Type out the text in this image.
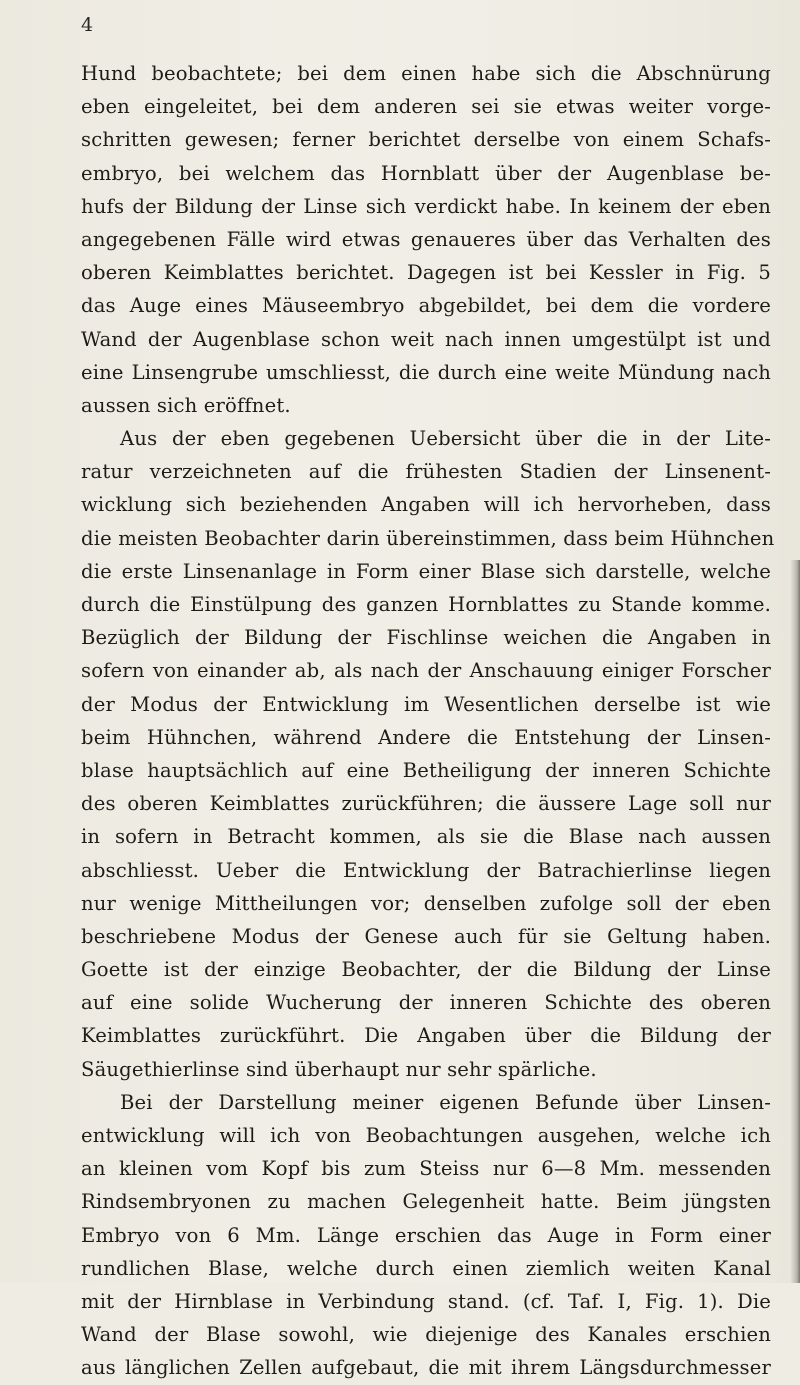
4
Hund beobachtete; bei dem einen habe sich die Abschnürung
eben eingeleitet, bei dem anderen sei sie etwas weiter vorge-
schritten gewesen; ferner berichtet derselbe von einem Schafs-
embryo, bei welchem das Hornblatt über der Augenblase be-
hufs der Bildung der Linse sich verdickt habe. In keinem der eben
angegebenen Fälle wird etwas genaueres über das Verhalten des
oberen Keimblattes berichtet. Dagegen ist bei Kessler in Fig. 5
das Auge eines Mäuseembryo abgebildet, bei dem die vordere
Wand der Augenblase schon weit nach innen umgestülpt ist und
eine Linsengrube umschliesst, die durch eine weite Mündung nach
aussen sich eröffnet.
Aus der eben gegebenen Uebersicht über die in der Lite-
ratur verzeichneten auf die frühesten Stadien der Linsenent-
wicklung sich beziehenden Angaben will ich hervorheben, dass
die meisten Beobachter darin übereinstimmen, dass beim Hühnchen
die erste Linsenanlage in Form einer Blase sich darstelle, welche
durch die Einstülpung des ganzen Hornblattes zu Stande komme.
Bezüglich der Bildung der Fischlinse weichen die Angaben in
sofern von einander ab, als nach der Anschauung einiger Forscher
der Modus der Entwicklung im Wesentlichen derselbe ist wie
beim Hühnchen, während Andere die Entstehung der Linsen-
blase hauptsächlich auf eine Betheiligung der inneren Schichte
des oberen Keimblattes zurückführen; die äussere Lage soll nur
in sofern in Betracht kommen, als sie die Blase nach aussen
abschliesst. Ueber die Entwicklung der Batrachierlinse liegen
nur wenige Mittheilungen vor; denselben zufolge soll der eben
beschriebene Modus der Genese auch für sie Geltung haben.
Goette ist der einzige Beobachter, der die Bildung der Linse
auf eine solide Wucherung der inneren Schichte des oberen
Keimblattes zurückführt. Die Angaben über die Bildung der
Säugethierlinse sind überhaupt nur sehr spärliche.
Bei der Darstellung meiner eigenen Befunde über Linsen-
entwicklung will ich von Beobachtungen ausgehen, welche ich
an kleinen vom Kopf bis zum Steiss nur 6—8 Mm. messenden
Rindsembryonen zu machen Gelegenheit hatte. Beim jüngsten
Embryo von 6 Mm. Länge erschien das Auge in Form einer
rundlichen Blase, welche durch einen ziemlich weiten Kanal
mit der Hirnblase in Verbindung stand. (cf. Taf. I, Fig. 1). Die
Wand der Blase sowohl, wie diejenige des Kanales erschien
aus länglichen Zellen aufgebaut, die mit ihrem Längsdurchmesser
